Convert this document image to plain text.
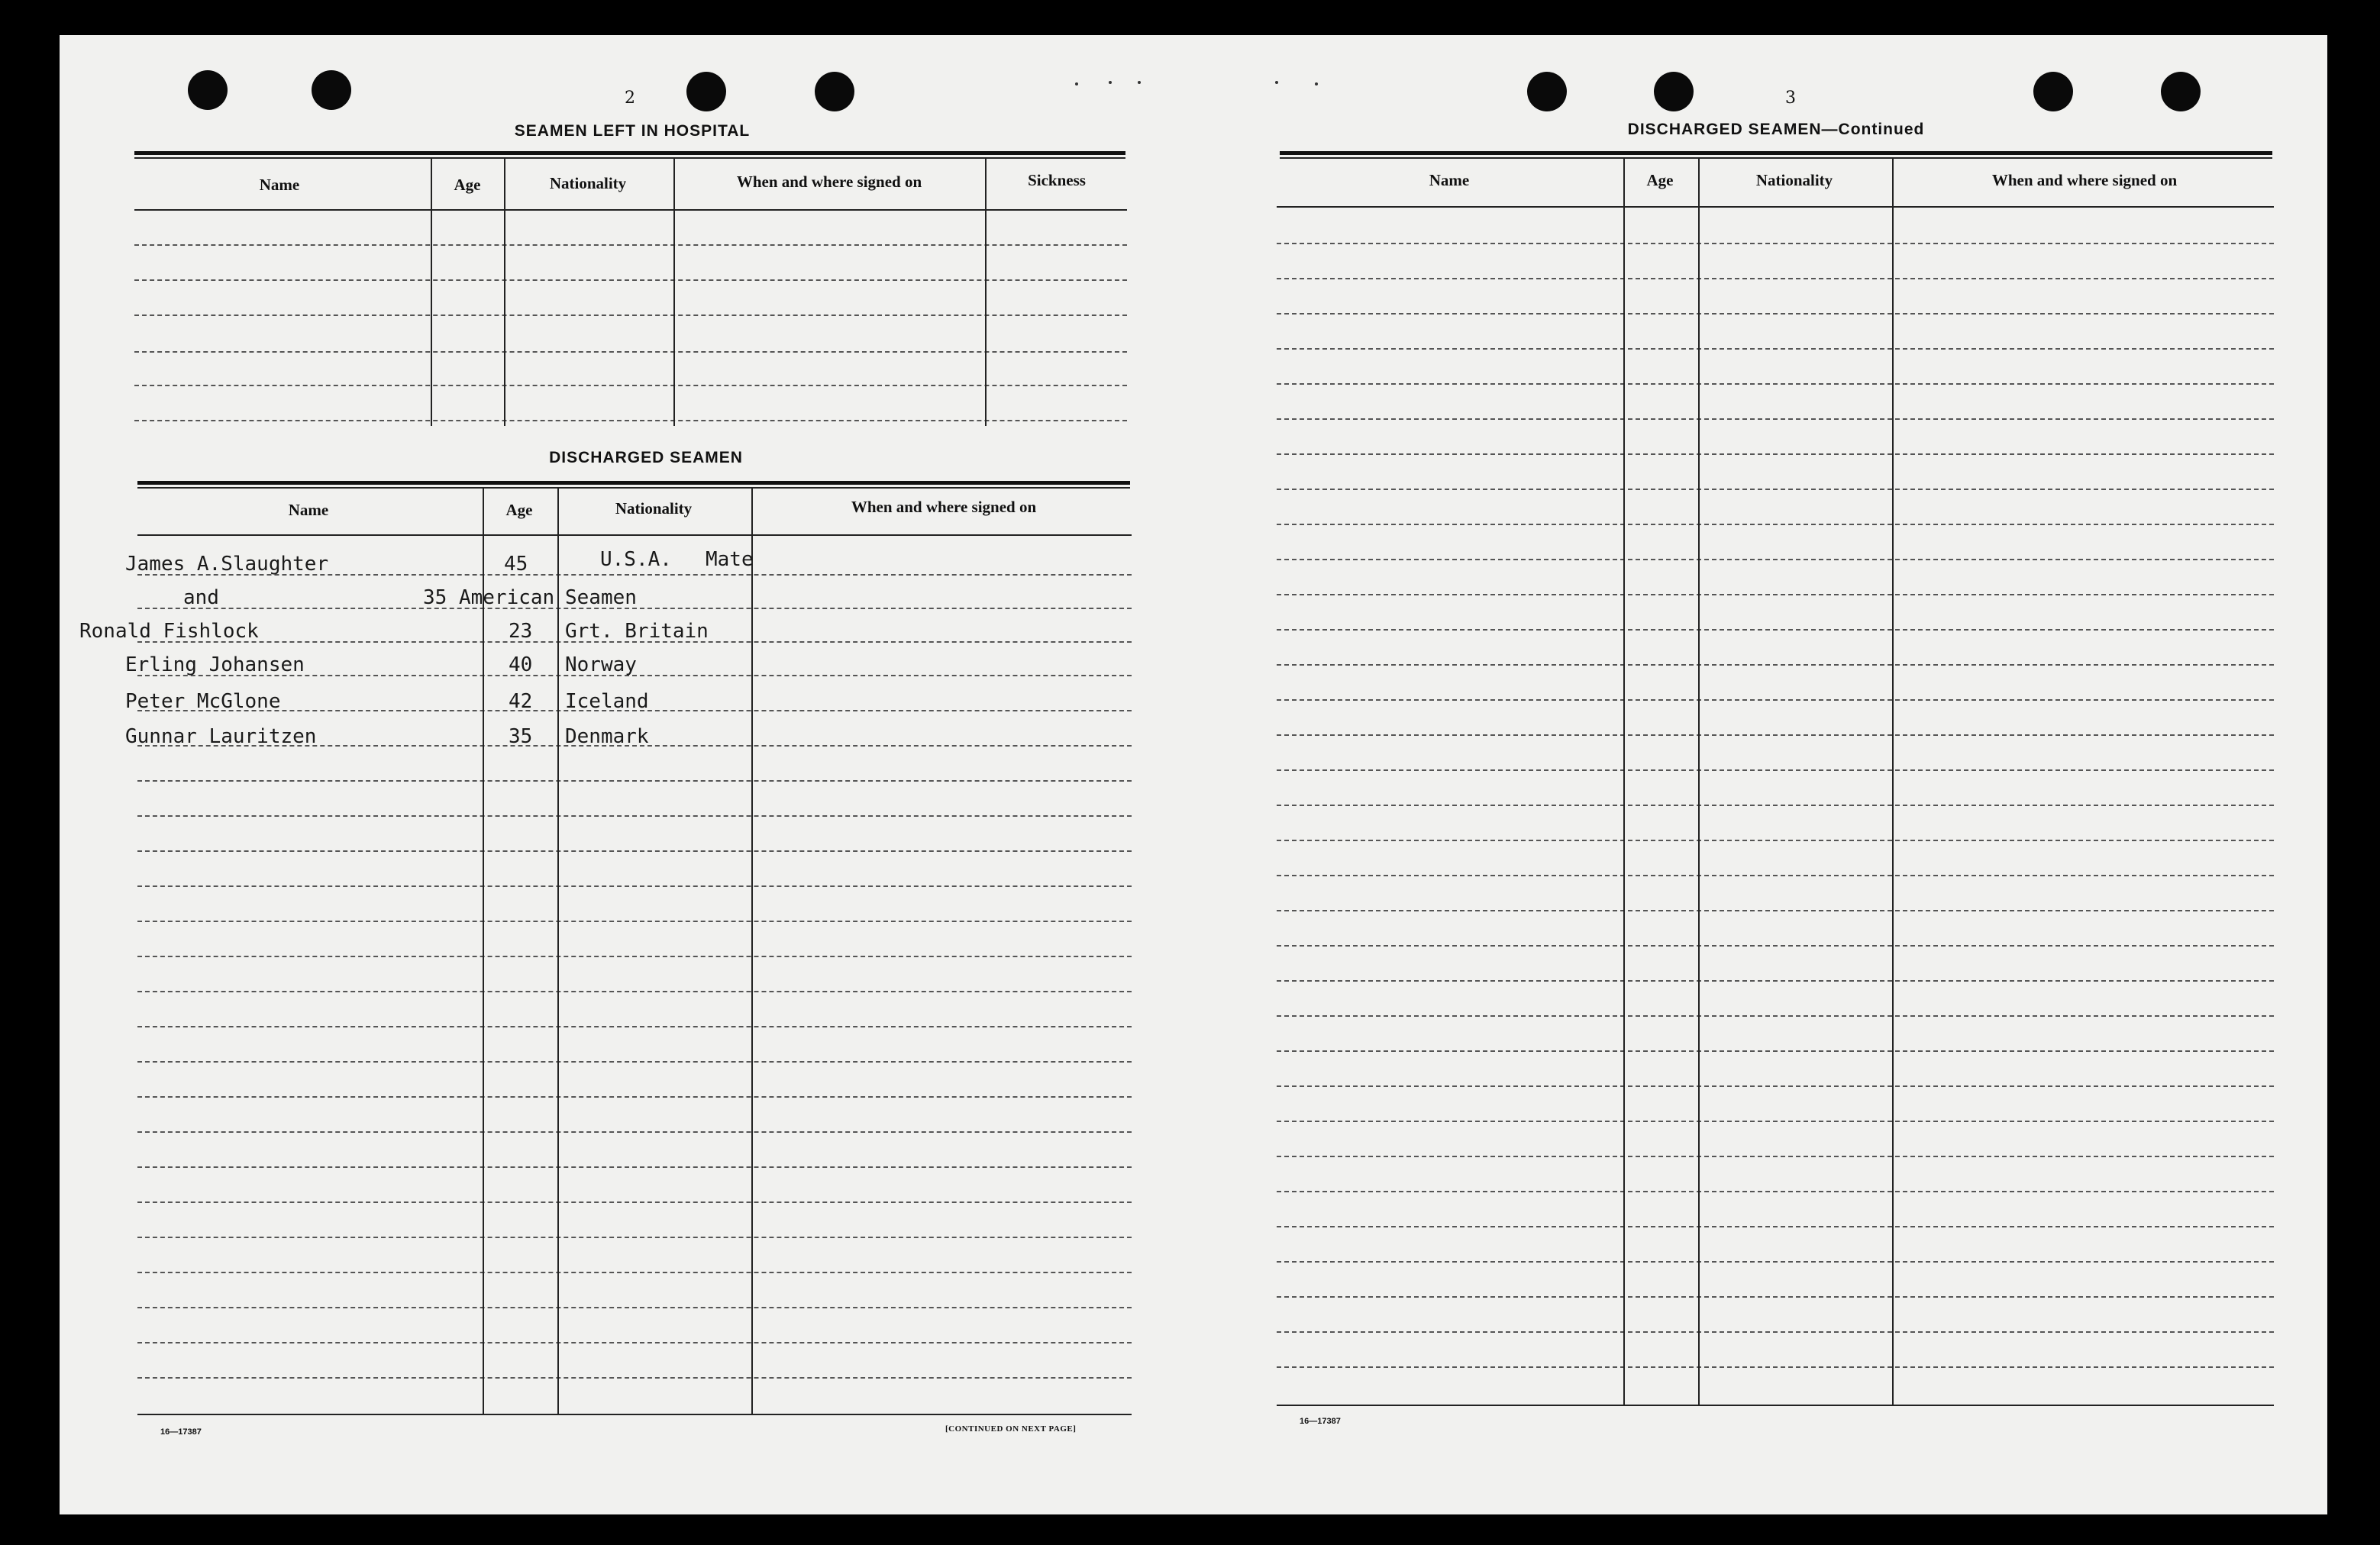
2
SEAMEN LEFT IN HOSPITAL
Name	Age	Nationality	When and where signed on	Sickness
DISCHARGED SEAMEN
Name	Age	Nationality	When and where signed on
James A.Slaughter	45	U.S.A. Mate
and	35 American Seamen
Ronald Fishlock	23 Grt. Britain
Erling Johansen	40 Norway
Peter McGlone	42 Iceland
Gunnar Lauritzen	35 Denmark
16—17387	[CONTINUED ON NEXT PAGE]
3
DISCHARGED SEAMEN—Continued
Name	Age	Nationality	When and where signed on
16—17387
